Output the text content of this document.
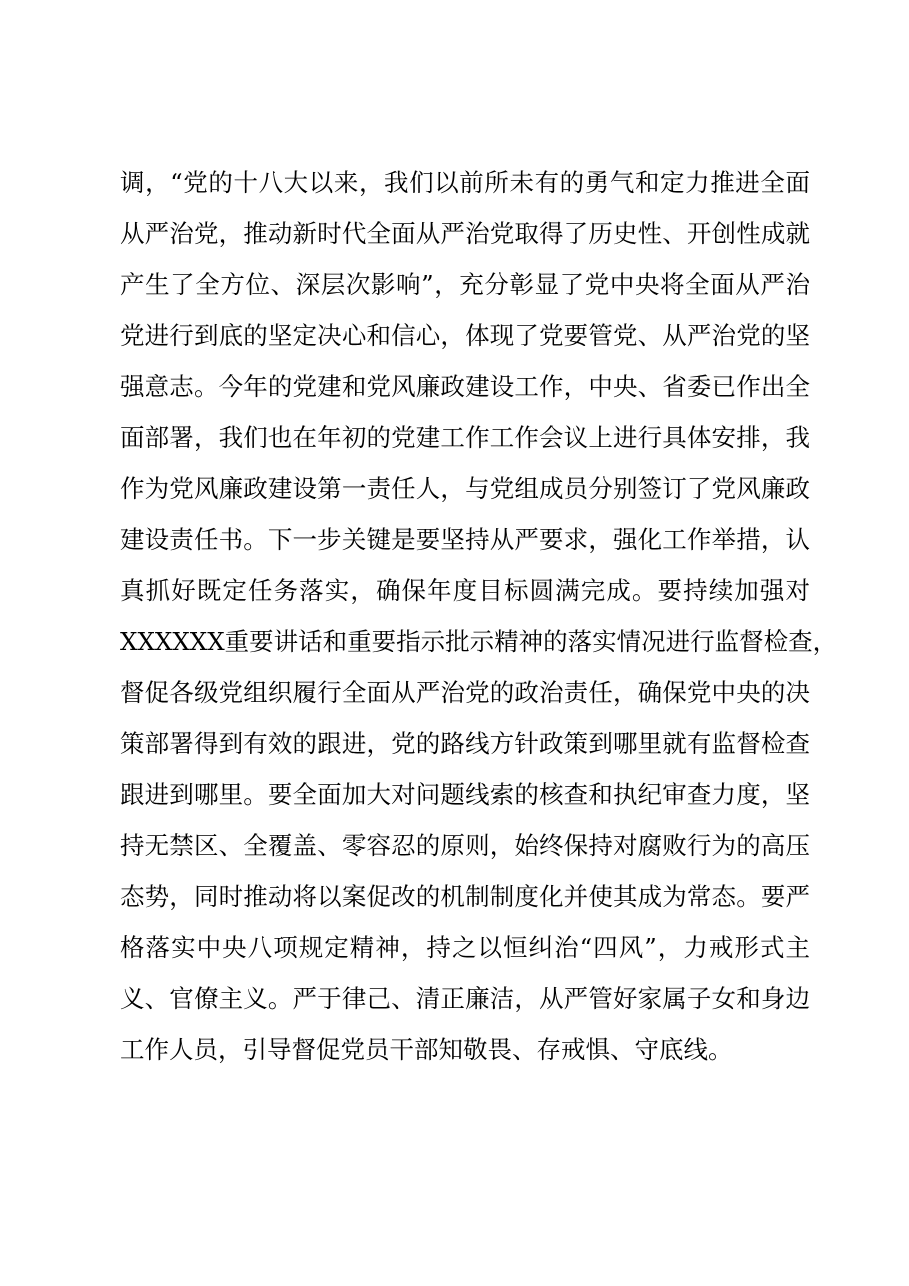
调，“党的十八大以来，我们以前所未有的勇气和定力推进全面
从严治党，推动新时代全面从严治党取得了历史性、开创性成就
产生了全方位、深层次影响”，充分彰显了党中央将全面从严治
党进行到底的坚定决心和信心，体现了党要管党、从严治党的坚
强意志。今年的党建和党风廉政建设工作，中央、省委已作出全
面部署，我们也在年初的党建工作工作会议上进行具体安排，我
作为党风廉政建设第一责任人，与党组成员分别签订了党风廉政
建设责任书。下一步关键是要坚持从严要求，强化工作举措，认
真抓好既定任务落实，确保年度目标圆满完成。要持续加强对
XXXXXX重要讲话和重要指示批示精神的落实情况进行监督检查，
督促各级党组织履行全面从严治党的政治责任，确保党中央的决
策部署得到有效的跟进，党的路线方针政策到哪里就有监督检查
跟进到哪里。要全面加大对问题线索的核查和执纪审查力度，坚
持无禁区、全覆盖、零容忍的原则，始终保持对腐败行为的高压
态势，同时推动将以案促改的机制制度化并使其成为常态。要严
格落实中央八项规定精神，持之以恒纠治“四风”，力戒形式主
义、官僚主义。严于律己、清正廉洁，从严管好家属子女和身边
工作人员，引导督促党员干部知敬畏、存戒惧、守底线。
